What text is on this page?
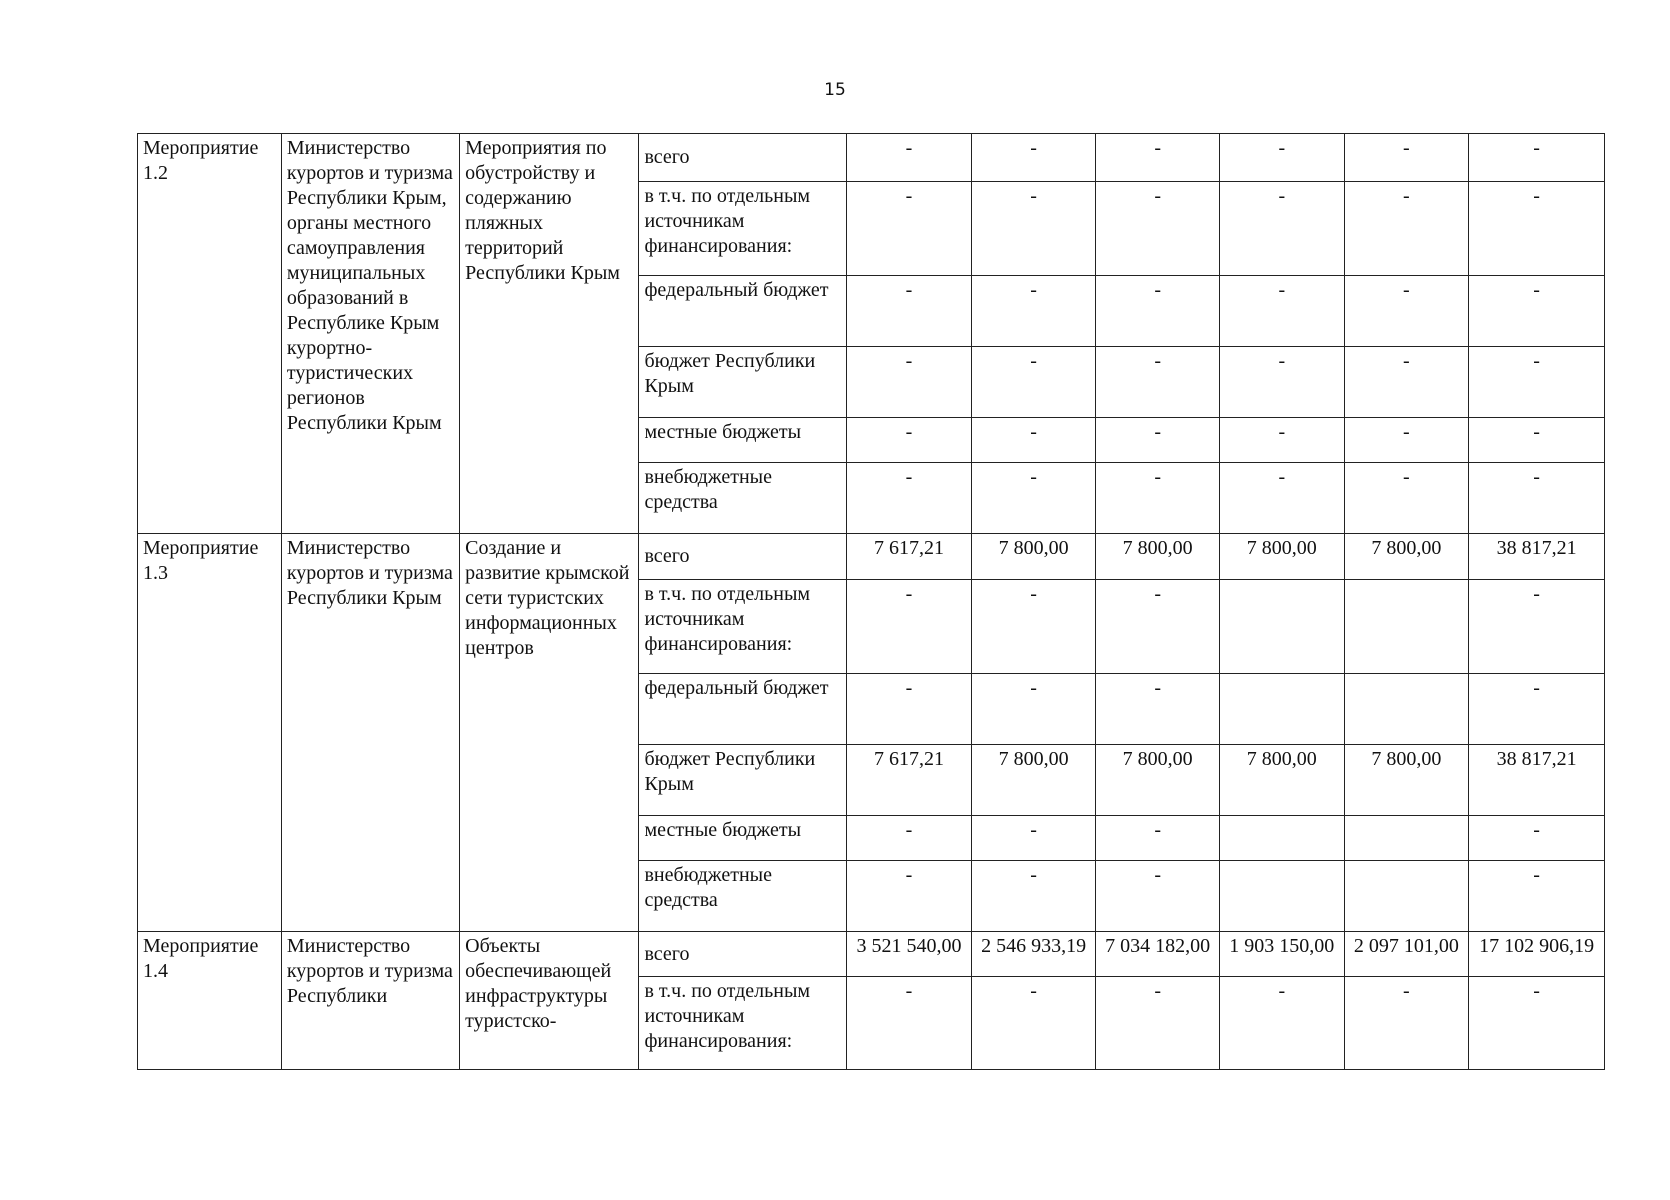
15
Мероприятие 1.2	Министерство курортов и туризма Республики Крым, органы местного самоуправления муниципальных образований в Республике Крым курортно-туристических регионов Республики Крым	Мероприятия по обустройству и содержанию пляжных территорий Республики Крым	всего	-	-	-	-	-	-
			в т.ч. по отдельным источникам финансирования:	-	-	-	-	-	-
			федеральный бюджет	-	-	-	-	-	-
			бюджет Республики Крым	-	-	-	-	-	-
			местные бюджеты	-	-	-	-	-	-
			внебюджетные средства	-	-	-	-	-	-
Мероприятие 1.3	Министерство курортов и туризма Республики Крым	Создание и развитие крымской сети туристских информационных центров	всего	7 617,21	7 800,00	7 800,00	7 800,00	7 800,00	38 817,21
			в т.ч. по отдельным источникам финансирования:	-	-	-			-
			федеральный бюджет	-	-	-			-
			бюджет Республики Крым	7 617,21	7 800,00	7 800,00	7 800,00	7 800,00	38 817,21
			местные бюджеты	-	-	-			-
			внебюджетные средства	-	-	-			-
Мероприятие 1.4	Министерство курортов и туризма Республики	Объекты обеспечивающей инфраструктуры туристско-	всего	3 521 540,00	2 546 933,19	7 034 182,00	1 903 150,00	2 097 101,00	17 102 906,19
			в т.ч. по отдельным источникам финансирования:	-	-	-	-	-	-
